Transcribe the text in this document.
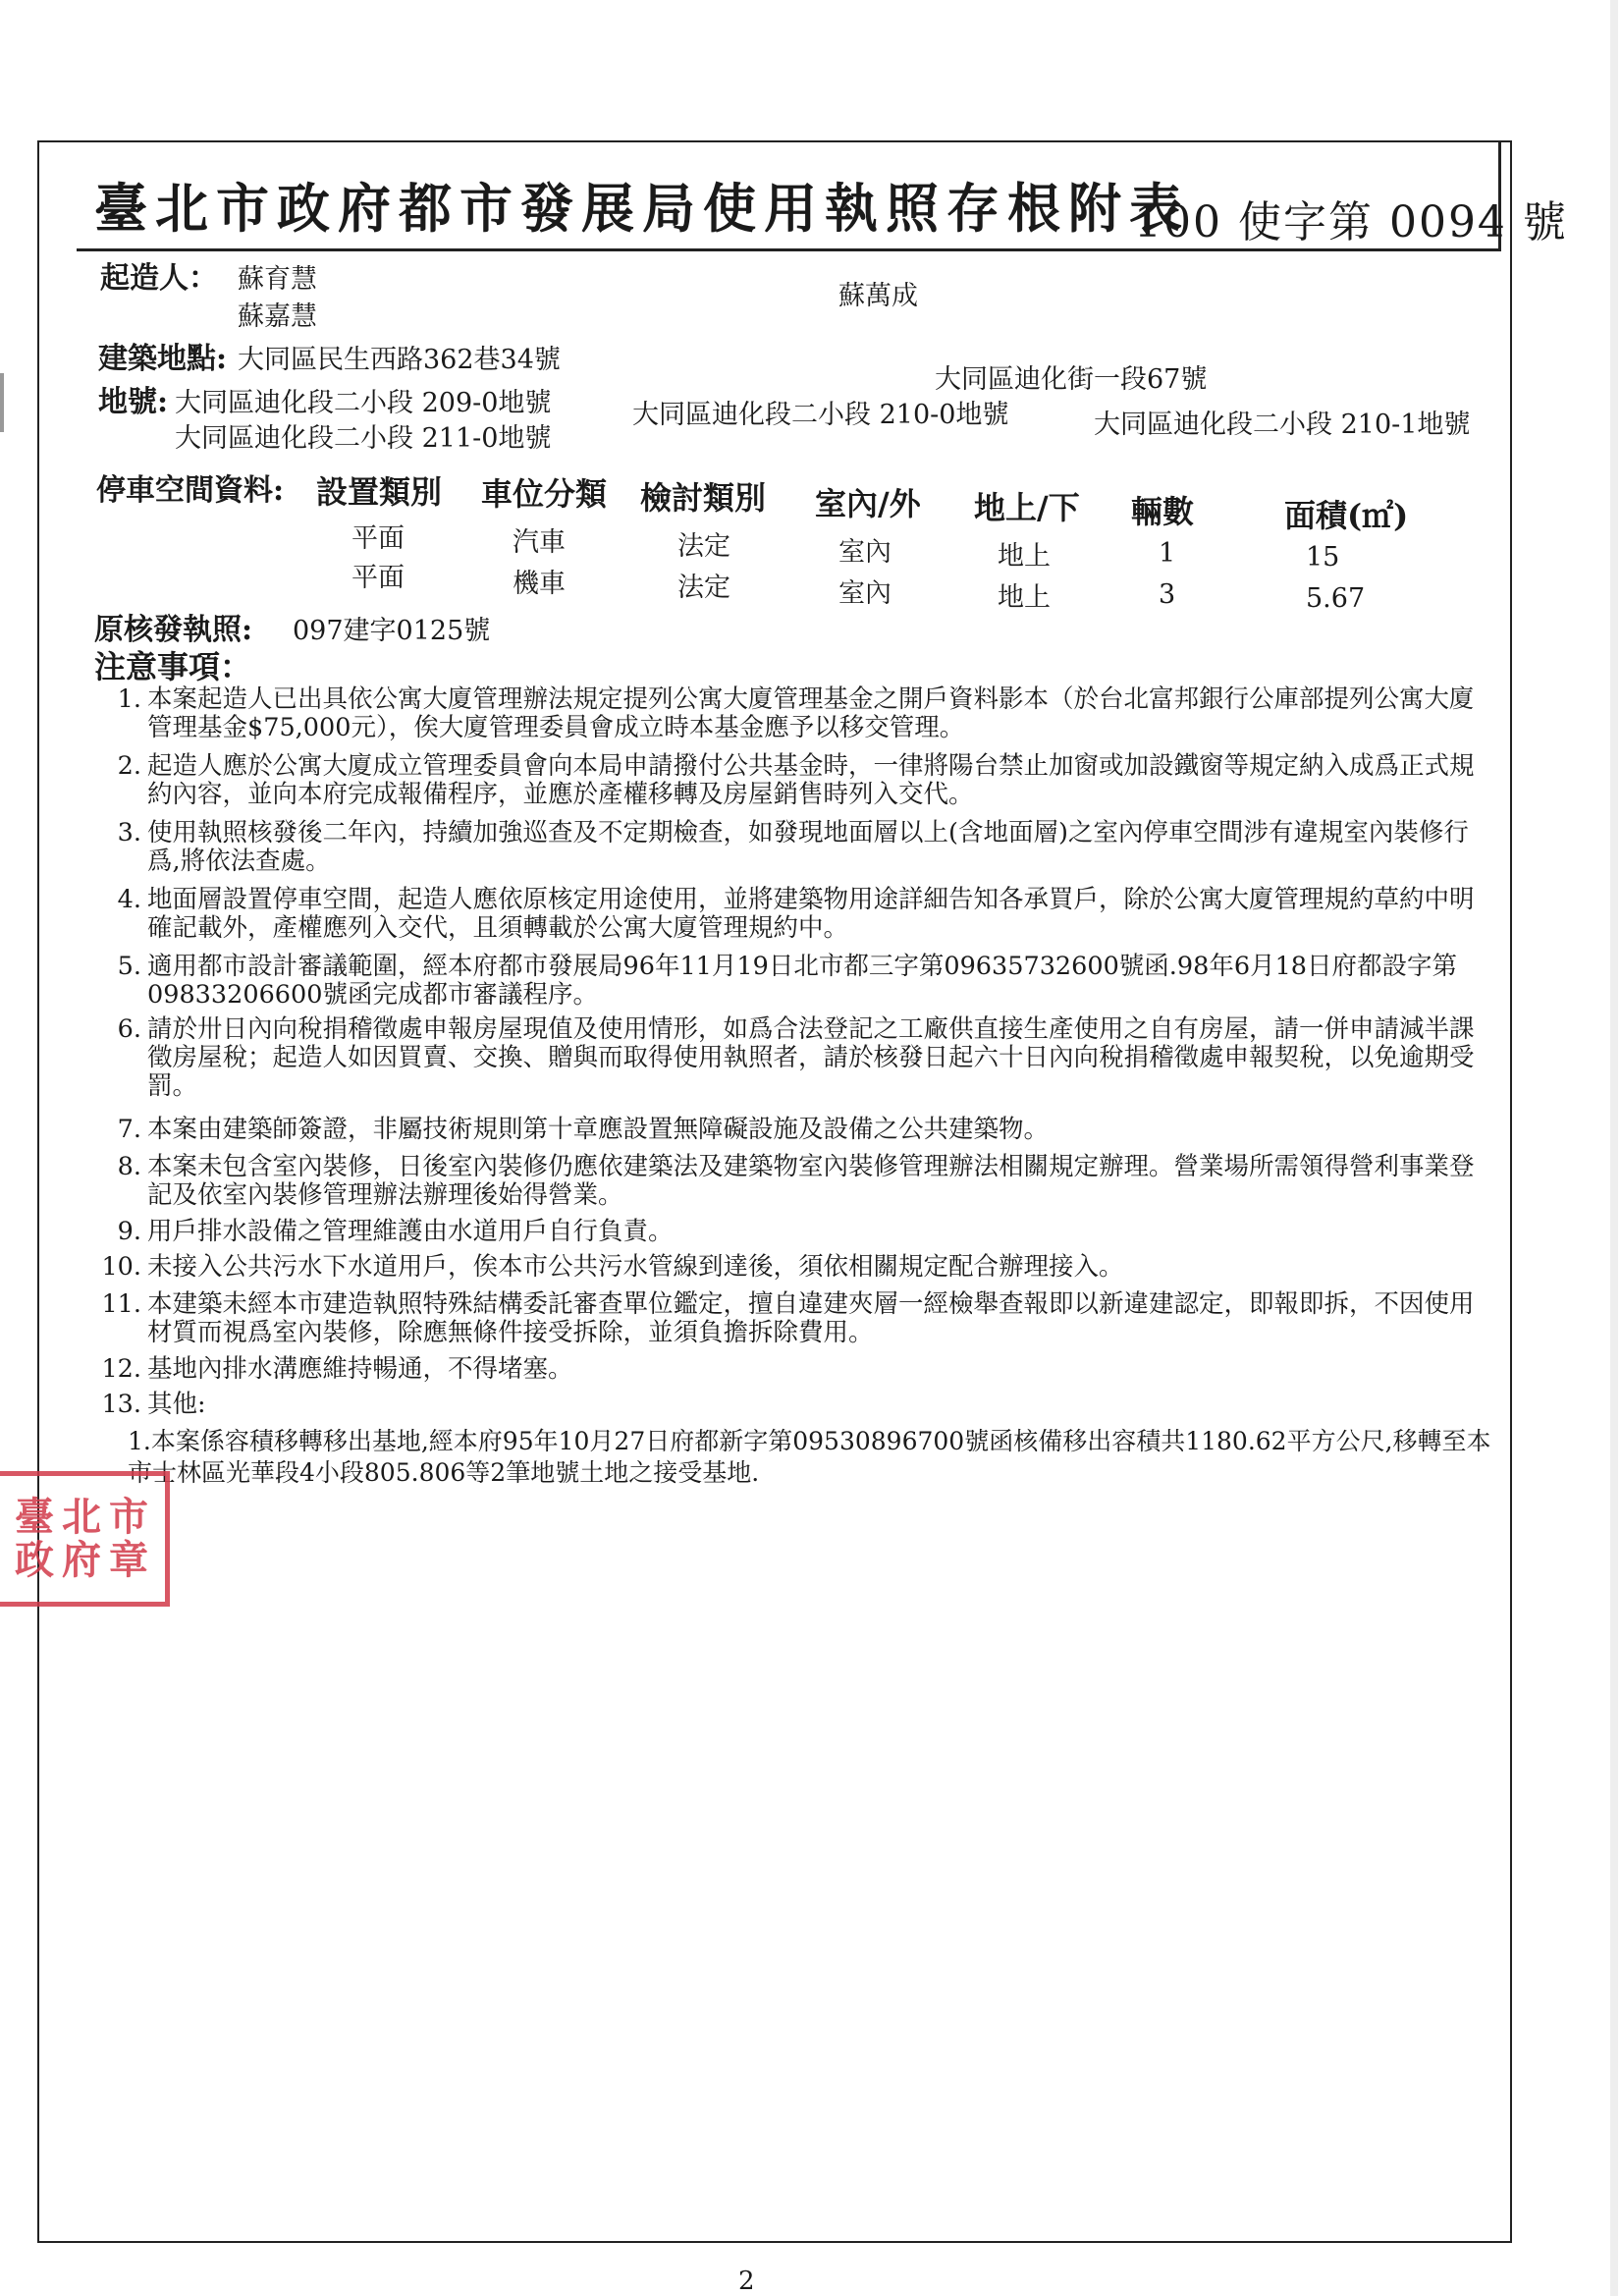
臺北市政府都市發展局使用執照存根附表
100 使字第 0094 號
起造人： 蘇育慧
蘇嘉慧
蘇萬成
建築地點: 大同區民生西路362巷34號
大同區迪化街一段67號
地號: 大同區迪化段二小段 209-0地號
大同區迪化段二小段 211-0地號
大同區迪化段二小段 210-0地號	大同區迪化段二小段 210-1地號
停車空間資料: 設置類別 車位分類 檢討類別 室內/外 地上/下 輛數	面積(㎡)
平面	汽車	法定	室內	地上	1	15
平面	機車	法定	室內	地上	3	5.67
原核發執照: 097建字0125號
注意事項：
1. 本案起造人已出具依公寓大廈管理辦法規定提列公寓大廈管理基金之開戶資料影本（於台北富邦銀行公庫部提列公寓大廈管理基金$75,000元），俟大廈管理委員會成立時本基金應予以移交管理。
2. 起造人應於公寓大廈成立管理委員會向本局申請撥付公共基金時，一律將陽台禁止加窗或加設鐵窗等規定納入成爲正式規約內容，並向本府完成報備程序，並應於產權移轉及房屋銷售時列入交代。
3. 使用執照核發後二年內，持續加強巡查及不定期檢查，如發現地面層以上(含地面層)之室內停車空間涉有違規室內裝修行爲,將依法查處。
4. 地面層設置停車空間，起造人應依原核定用途使用，並將建築物用途詳細告知各承買戶，除於公寓大廈管理規約草約中明確記載外，產權應列入交代，且須轉載於公寓大廈管理規約中。
5. 適用都市設計審議範圍，經本府都市發展局96年11月19日北市都三字第09635732600號函.98年6月18日府都設字第09833206600號函完成都市審議程序。
6. 請於卅日內向稅捐稽徵處申報房屋現值及使用情形，如爲合法登記之工廠供直接生產使用之自有房屋，請一併申請減半課徵房屋稅；起造人如因買賣、交換、贈與而取得使用執照者，請於核發日起六十日內向稅捐稽徵處申報契稅，以免逾期受罰。
7. 本案由建築師簽證，非屬技術規則第十章應設置無障礙設施及設備之公共建築物。
8. 本案未包含室內裝修，日後室內裝修仍應依建築法及建築物室內裝修管理辦法相關規定辦理。營業場所需領得營利事業登記及依室內裝修管理辦法辦理後始得營業。
9. 用戶排水設備之管理維護由水道用戶自行負責。
10. 未接入公共污水下水道用戶，俟本市公共污水管線到達後，須依相關規定配合辦理接入。
11. 本建築未經本市建造執照特殊結構委託審查單位鑑定，擅自違建夾層一經檢舉查報即以新違建認定，即報即拆，不因使用材質而視爲室內裝修，除應無條件接受拆除，並須負擔拆除費用。
12. 基地內排水溝應維持暢通，不得堵塞。
13. 其他:
1.本案係容積移轉移出基地,經本府95年10月27日府都新字第09530896700號函核備移出容積共1180.62平方公尺,移轉至本市士林區光華段4小段805.806等2筆地號土地之接受基地.
臺 北 市
政 府 章
2
